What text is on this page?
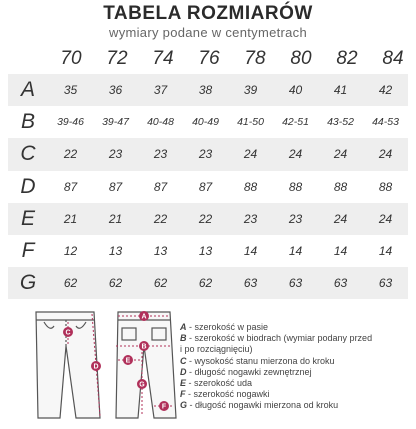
TABELA ROZMIARÓW
wymiary podane w centymetrach
70	72	74	76	78	80	82	84
A	35	36	37	38	39	40	41	42
B	39-46	39-47	40-48	40-49	41-50	42-51	43-52	44-53
C	22	23	23	23	24	24	24	24
D	87	87	87	87	88	88	88	88
E	21	21	22	22	23	23	24	24
F	12	13	13	13	14	14	14	14
G	62	62	62	62	63	63	63	63
A
B
C
D
E
F
G
A - szerokość w pasie
B - szerokość w biodrach (wymiar podany przed
i po rozciągnięciu)
C - wysokość stanu mierzona do kroku
D - długość nogawki zewnętrznej
E - szerokość uda
F - szerokość nogawki
G - długość nogawki mierzona od kroku
